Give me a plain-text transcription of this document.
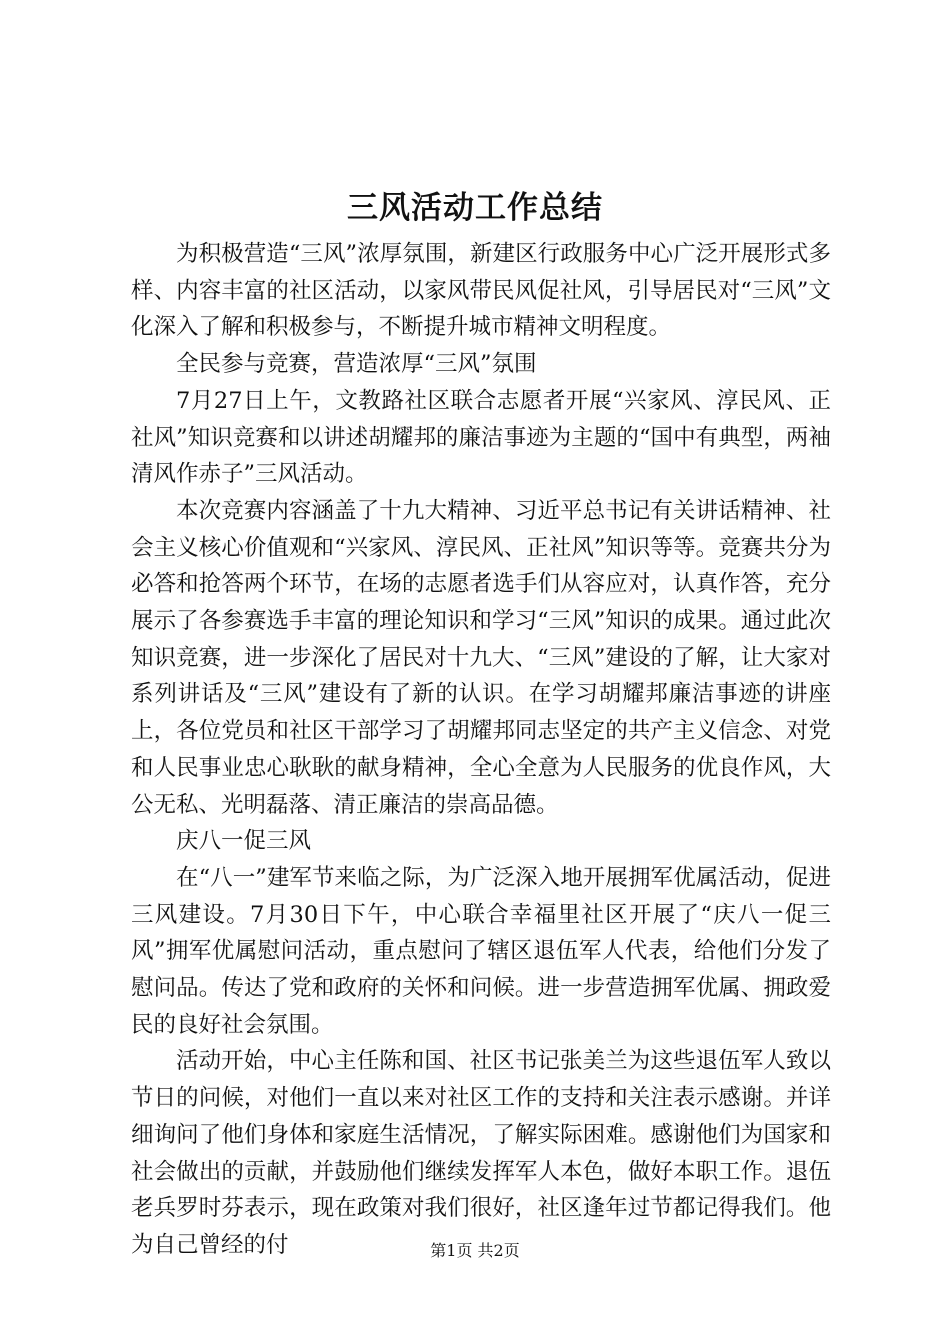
三风活动工作总结

为积极营造“三风”浓厚氛围，新建区行政服务中心广泛开展形式多样、内容丰富的社区活动，以家风带民风促社风，引导居民对“三风”文化深入了解和积极参与，不断提升城市精神文明程度。

全民参与竞赛，营造浓厚“三风”氛围

7月27日上午，文教路社区联合志愿者开展“兴家风、淳民风、正社风”知识竞赛和以讲述胡耀邦的廉洁事迹为主题的“国中有典型，两袖清风作赤子”三风活动。

本次竞赛内容涵盖了十九大精神、习近平总书记有关讲话精神、社会主义核心价值观和“兴家风、淳民风、正社风”知识等等。竞赛共分为必答和抢答两个环节，在场的志愿者选手们从容应对，认真作答，充分展示了各参赛选手丰富的理论知识和学习“三风”知识的成果。通过此次知识竞赛，进一步深化了居民对十九大、“三风”建设的了解，让大家对系列讲话及“三风”建设有了新的认识。在学习胡耀邦廉洁事迹的讲座上，各位党员和社区干部学习了胡耀邦同志坚定的共产主义信念、对党和人民事业忠心耿耿的献身精神，全心全意为人民服务的优良作风，大公无私、光明磊落、清正廉洁的崇高品德。

庆八一促三风

在“八一”建军节来临之际，为广泛深入地开展拥军优属活动，促进三风建设。7月30日下午，中心联合幸福里社区开展了“庆八一促三风”拥军优属慰问活动，重点慰问了辖区退伍军人代表，给他们分发了慰问品。传达了党和政府的关怀和问候。进一步营造拥军优属、拥政爱民的良好社会氛围。

活动开始，中心主任陈和国、社区书记张美兰为这些退伍军人致以节日的问候，对他们一直以来对社区工作的支持和关注表示感谢。并详细询问了他们身体和家庭生活情况，了解实际困难。感谢他们为国家和社会做出的贡献，并鼓励他们继续发挥军人本色，做好本职工作。退伍老兵罗时芬表示，现在政策对我们很好，社区逢年过节都记得我们。他为自己曾经的付	第1页 共2页
